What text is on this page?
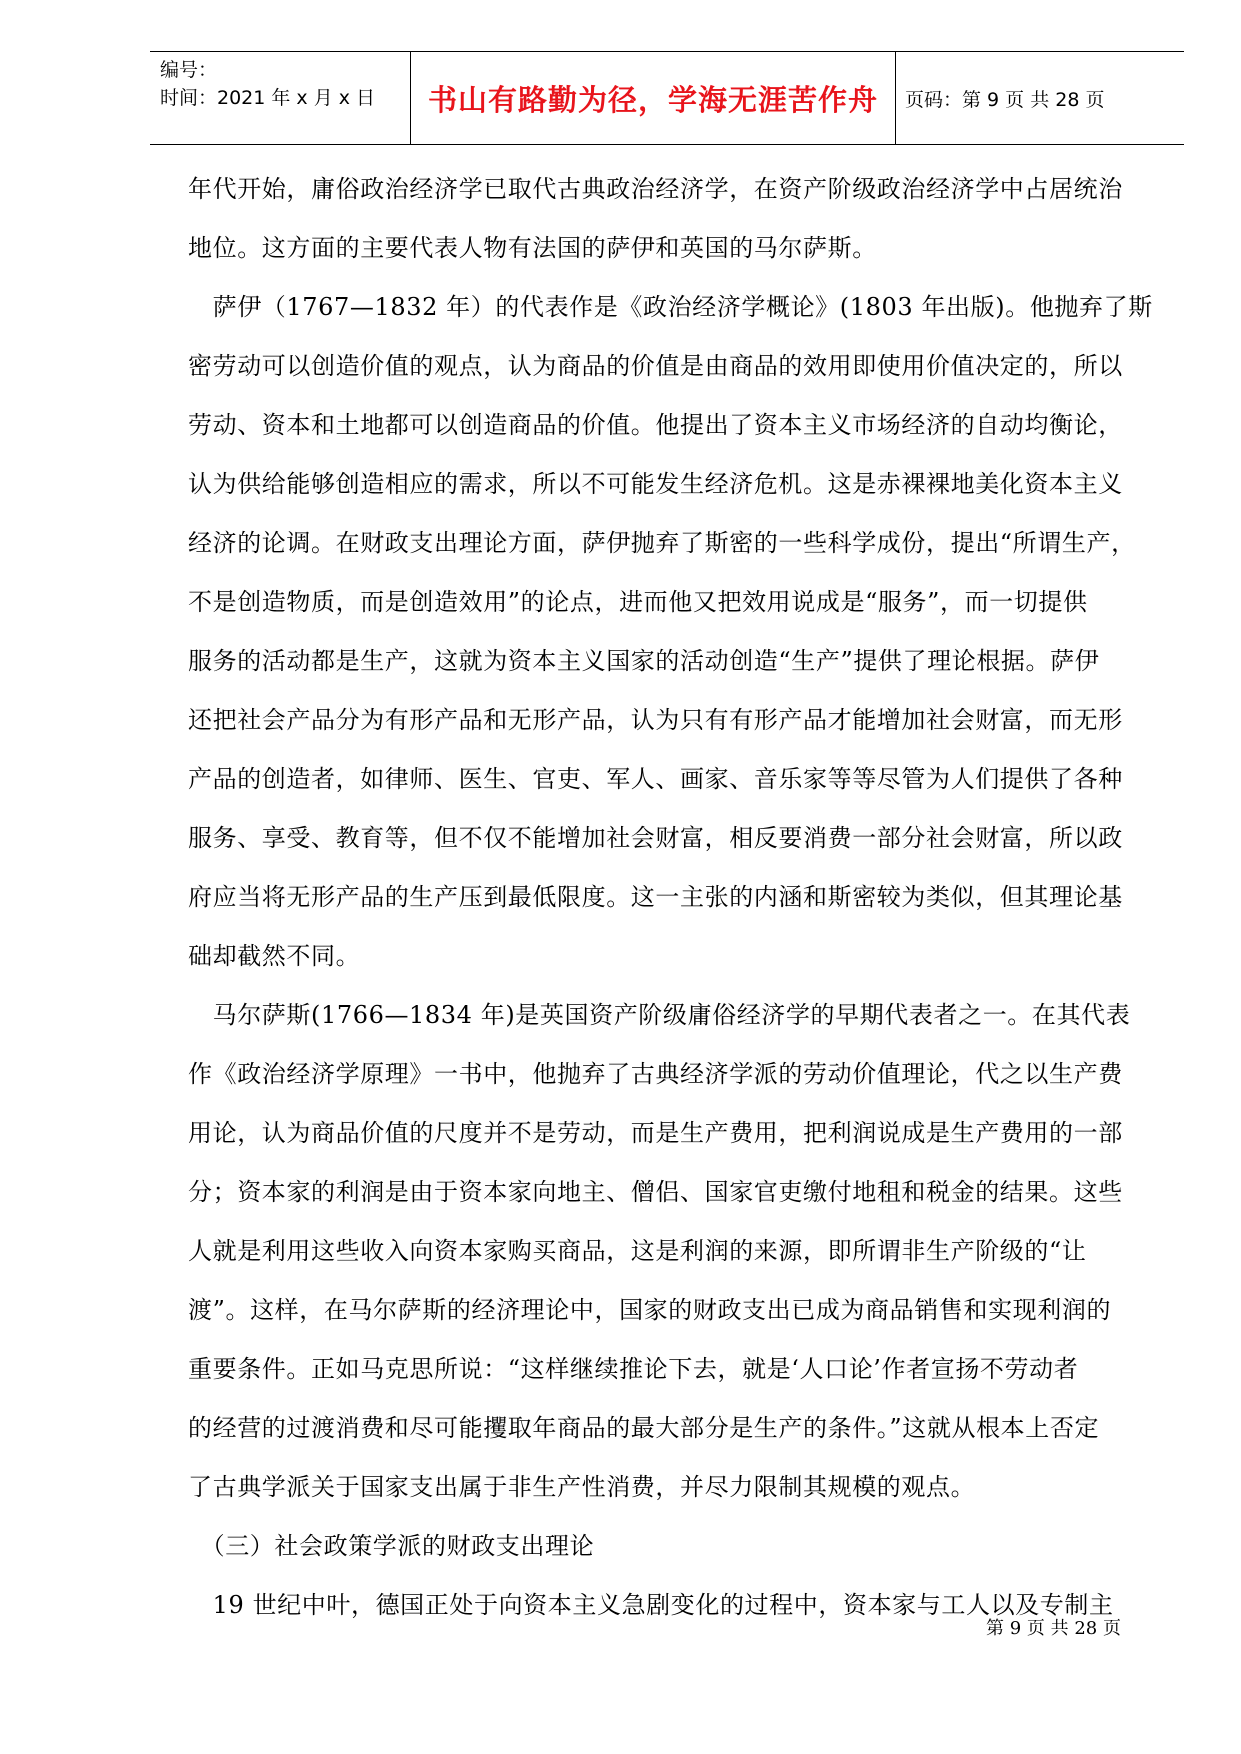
编号：
时间：2021 年 x 月 x 日	书山有路勤为径，学海无涯苦作舟	页码：第 9 页 共 28 页
年代开始，庸俗政治经济学已取代古典政治经济学，在资产阶级政治经济学中占居统治
地位。这方面的主要代表人物有法国的萨伊和英国的马尔萨斯。
　萨伊（1767—1832 年）的代表作是《政治经济学概论》(1803 年出版)。他抛弃了斯
密劳动可以创造价值的观点，认为商品的价值是由商品的效用即使用价值决定的，所以
劳动、资本和土地都可以创造商品的价值。他提出了资本主义市场经济的自动均衡论，
认为供给能够创造相应的需求，所以不可能发生经济危机。这是赤裸裸地美化资本主义
经济的论调。在财政支出理论方面，萨伊抛弃了斯密的一些科学成份，提出“所谓生产，
不是创造物质，而是创造效用”的论点，进而他又把效用说成是“服务”，而一切提供
服务的活动都是生产，这就为资本主义国家的活动创造“生产”提供了理论根据。萨伊
还把社会产品分为有形产品和无形产品，认为只有有形产品才能增加社会财富，而无形
产品的创造者，如律师、医生、官吏、军人、画家、音乐家等等尽管为人们提供了各种
服务、享受、教育等，但不仅不能增加社会财富，相反要消费一部分社会财富，所以政
府应当将无形产品的生产压到最低限度。这一主张的内涵和斯密较为类似，但其理论基
础却截然不同。
　马尔萨斯(1766—1834 年)是英国资产阶级庸俗经济学的早期代表者之一。在其代表
作《政治经济学原理》一书中，他抛弃了古典经济学派的劳动价值理论，代之以生产费
用论，认为商品价值的尺度并不是劳动，而是生产费用，把利润说成是生产费用的一部
分；资本家的利润是由于资本家向地主、僧侣、国家官吏缴付地租和税金的结果。这些
人就是利用这些收入向资本家购买商品，这是利润的来源，即所谓非生产阶级的“让
渡”。这样，在马尔萨斯的经济理论中，国家的财政支出已成为商品销售和实现利润的
重要条件。正如马克思所说：“这样继续推论下去，就是‘人口论’作者宣扬不劳动者
的经营的过渡消费和尽可能攫取年商品的最大部分是生产的条件。”这就从根本上否定
了古典学派关于国家支出属于非生产性消费，并尽力限制其规模的观点。
　（三）社会政策学派的财政支出理论
　19 世纪中叶，德国正处于向资本主义急剧变化的过程中，资本家与工人以及专制主
第 9 页 共 28 页
